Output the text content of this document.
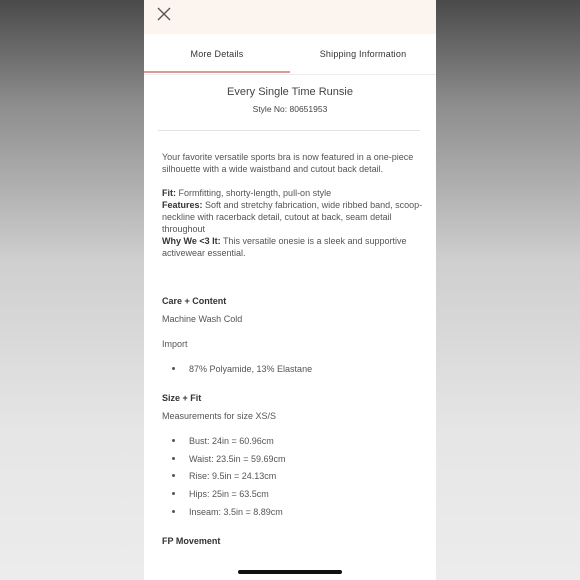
More Details	Shipping Information
Every Single Time Runsie
Style No: 80651953

Your favorite versatile sports bra is now featured in a one-piece silhouette with a wide waistband and cutout back detail.

Fit: Formfitting, shorty-length, pull-on style

Features: Soft and stretchy fabrication, wide ribbed band, scoop-neckline with racerback detail, cutout at back, seam detail throughout

Why We <3 It: This versatile onesie is a sleek and supportive activewear essential.

Care + Content
Machine Wash Cold
Import
87% Polyamide, 13% Elastane
Size + Fit
Measurements for size XS/S
Bust: 24in = 60.96cm
Waist: 23.5in = 59.69cm
Rise: 9.5in = 24.13cm
Hips: 25in = 63.5cm
Inseam: 3.5in = 8.89cm
FP Movement
